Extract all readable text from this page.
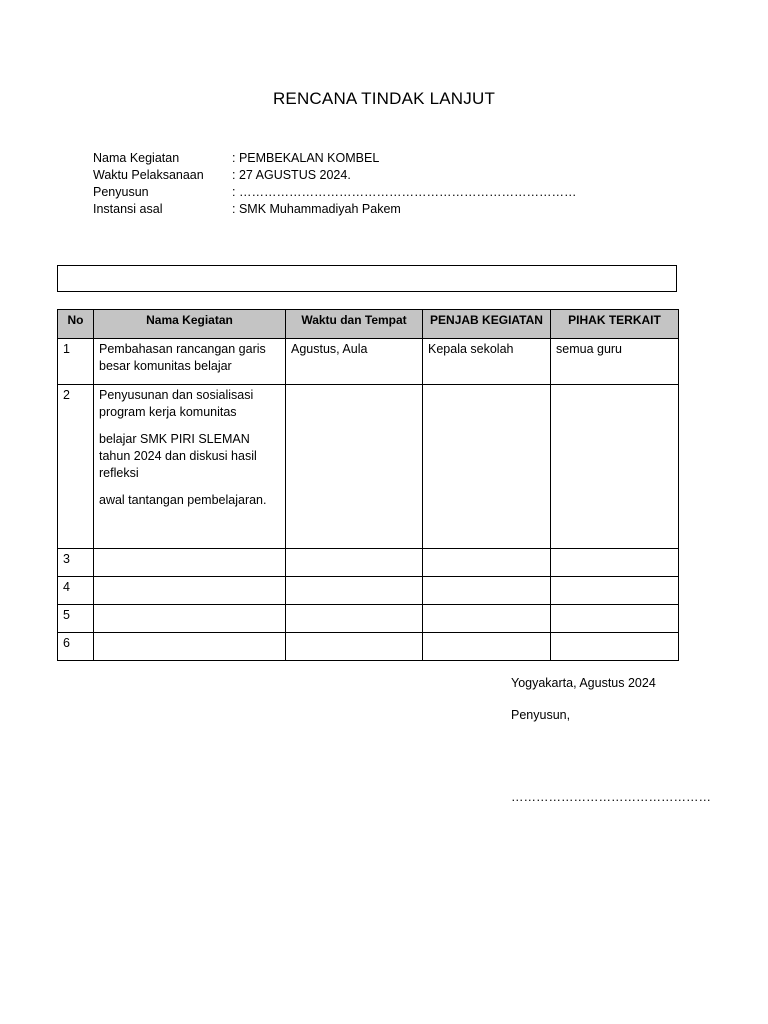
RENCANA TINDAK LANJUT
Nama Kegiatan	: PEMBEKALAN KOMBEL
Waktu Pelaksanaan : 27 AGUSTUS 2024.
Penyusun	: ………………………………………………………………………
Instansi asal	: SMK Muhammadiyah Pakem
No	Nama Kegiatan	Waktu dan Tempat	PENJAB KEGIATAN	PIHAK TERKAIT
1	Pembahasan rancangan garis besar komunitas belajar	Agustus, Aula	Kepala sekolah	semua guru
2	Penyusunan dan sosialisasi program kerja komunitas

belajar SMK PIRI SLEMAN tahun 2024 dan diskusi hasil refleksi

awal tantangan pembelajaran.			

3				
4				
5				
6				
Yogyakarta, Agustus 2024
Penyusun,
…………………………………………
